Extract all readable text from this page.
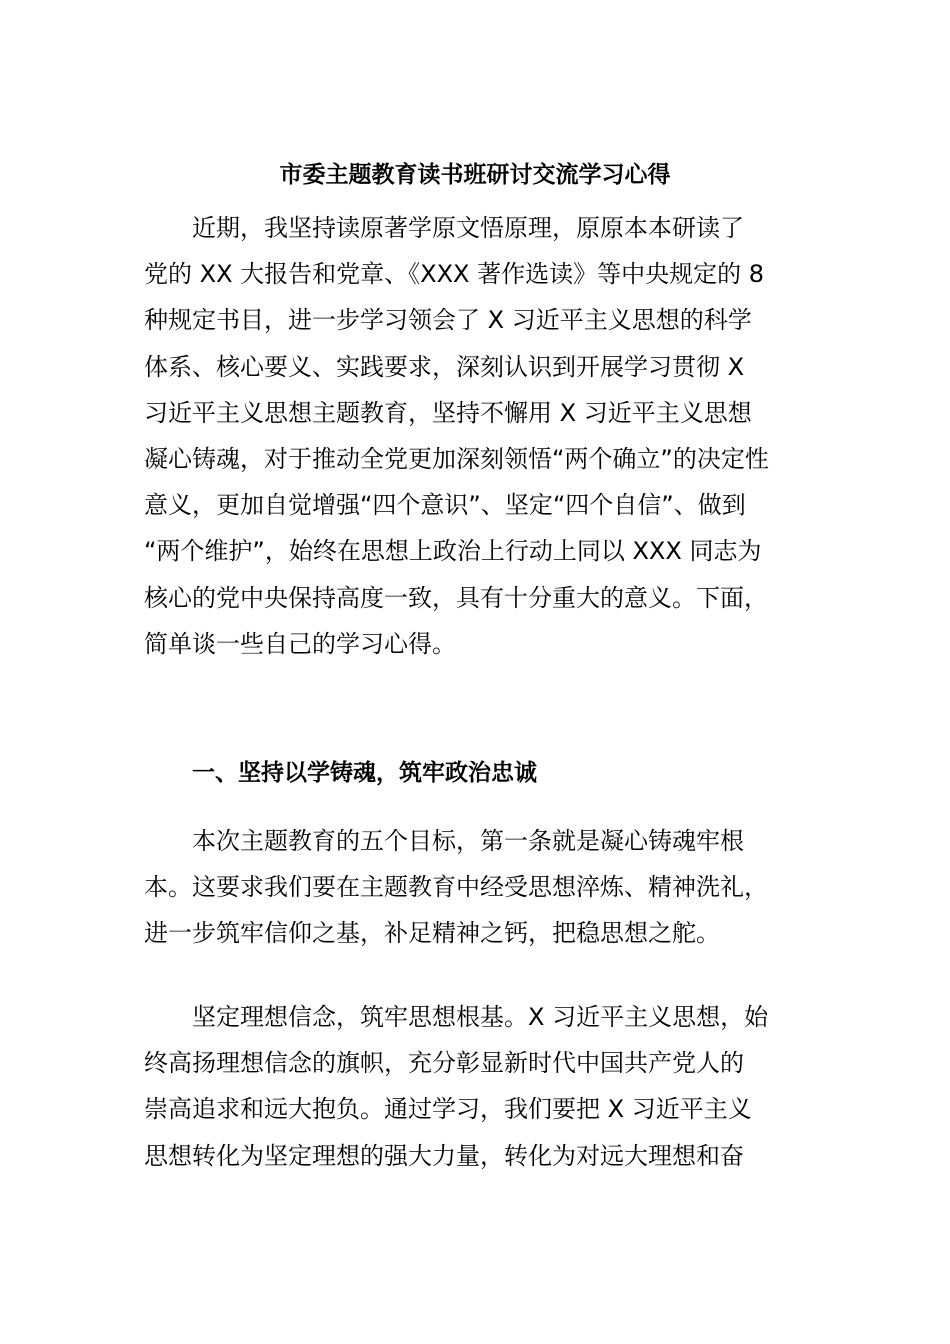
市委主题教育读书班研讨交流学习心得
近期，我坚持读原著学原文悟原理，原原本本研读了
党的 XX 大报告和党章、《XXX 著作选读》等中央规定的 8
种规定书目，进一步学习领会了 X 习近平主义思想的科学
体系、核心要义、实践要求，深刻认识到开展学习贯彻 X
习近平主义思想主题教育，坚持不懈用 X 习近平主义思想
凝心铸魂，对于推动全党更加深刻领悟“两个确立”的决定性
意义，更加自觉增强“四个意识”、坚定“四个自信”、做到
“两个维护”，始终在思想上政治上行动上同以 XXX 同志为
核心的党中央保持高度一致，具有十分重大的意义。下面，
简单谈一些自己的学习心得。
一、坚持以学铸魂，筑牢政治忠诚
本次主题教育的五个目标，第一条就是凝心铸魂牢根
本。这要求我们要在主题教育中经受思想淬炼、精神洗礼，
进一步筑牢信仰之基，补足精神之钙，把稳思想之舵。
坚定理想信念，筑牢思想根基。X 习近平主义思想，始
终高扬理想信念的旗帜，充分彰显新时代中国共产党人的
崇高追求和远大抱负。通过学习，我们要把 X 习近平主义
思想转化为坚定理想的强大力量，转化为对远大理想和奋
